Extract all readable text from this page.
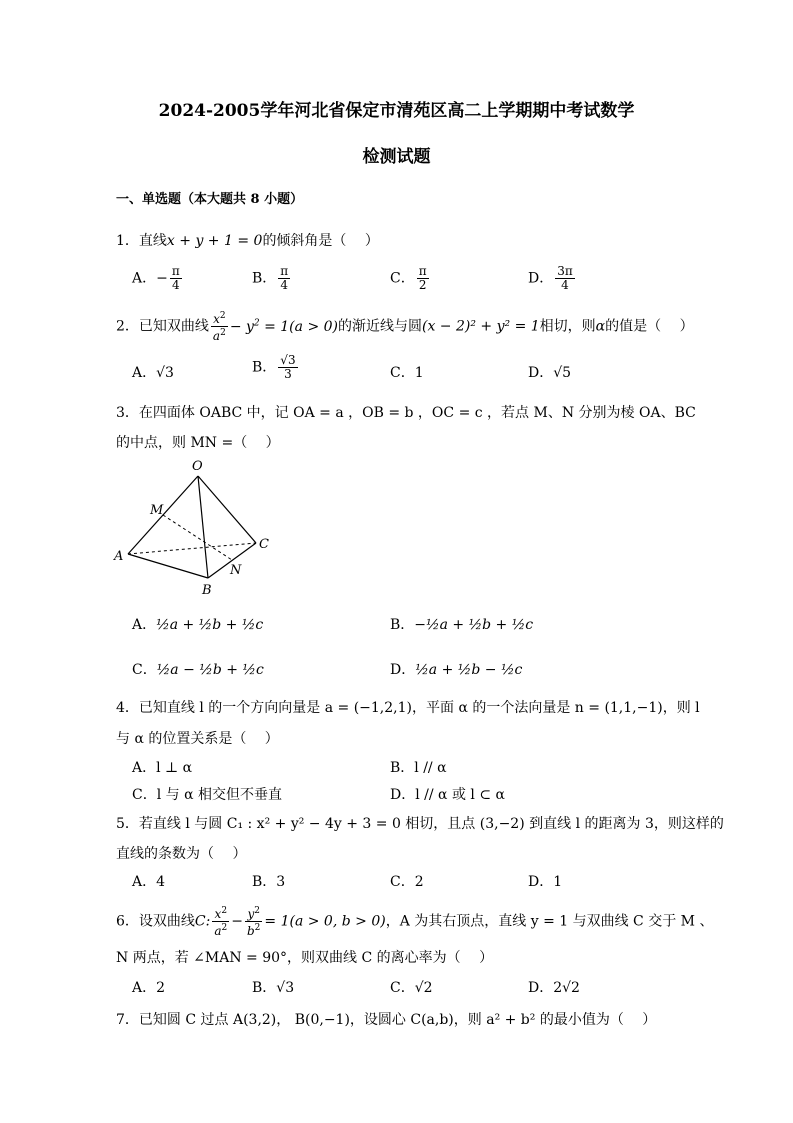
2024-2005学年河北省保定市清苑区高二上学期期中考试数学
检测试题
一、单选题（本大题共 8 小题）
1．直线x + y + 1 = 0的倾斜角是（　 ）
A．− $\frac{\pi}{4}$	B． $\frac{\pi}{4}$	C． $\frac{\pi}{2}$	D． $\frac{3\pi}{4}$
2．已知双曲线 $\frac{x^2}{a^2} - y^2 = 1(a > 0)$的渐近线与圆(x − 2)² + y² = 1相切，则α的值是（　 ）
A．√3	B． $\frac{√3}{3}$	C．1	D．√5
3．在四面体 OABC 中，记 OA = a ，OB = b ，OC = c ，若点 M、N 分别为棱 OA、BC
的中点，则 MN =（　 ）
O
M
A
C
N
B
A．½a + ½b + ½c	B．−½a + ½b + ½c
C．½a − ½b + ½c	D．½a + ½b − ½c
4．已知直线 l 的一个方向向量是 a = (−1,2,1)，平面 α 的一个法向量是 n = (1,1,−1)，则 l
与 α 的位置关系是（　 ）
A．l ⊥ α	B．l // α
C．l 与 α 相交但不垂直	D．l // α 或 l ⊂ α
5．若直线 l 与圆 C₁ : x² + y² − 4y + 3 = 0 相切，且点 (3,−2) 到直线 l 的距离为 3，则这样的
直线的条数为（　 ）
A．4	B．3	C．2	D．1
6．设双曲线C: $\frac{x^2}{a^2} - \frac{y^2}{b^2} = 1(a > 0$, b > 0)，A 为其右顶点，直线 y = 1 与双曲线 C 交于 M 、
N 两点，若 ∠MAN = 90°，则双曲线 C 的离心率为（　 ）
A．2	B．√3	C．√2	D．2√2
7．已知圆 C 过点 A(3,2)， B(0,−1)，设圆心 C(a,b)，则 a² + b² 的最小值为（　 ）
